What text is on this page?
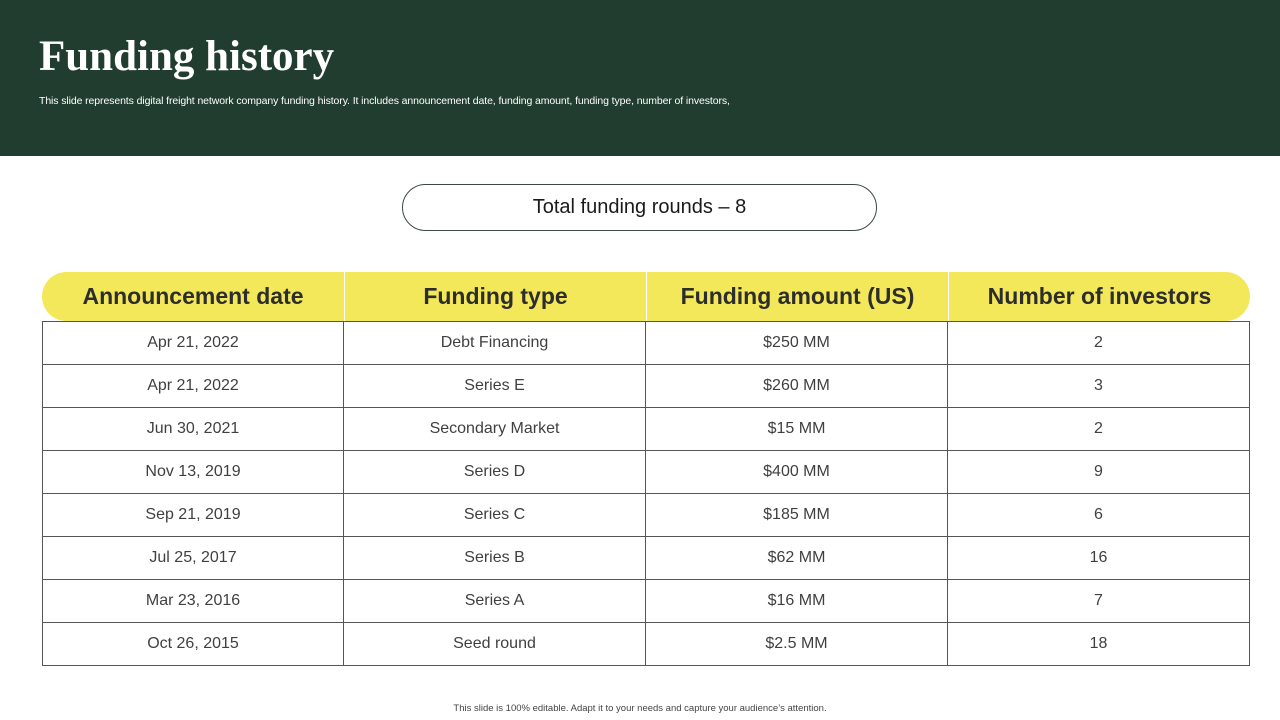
Funding history

This slide represents digital freight network company funding history. It includes announcement date, funding amount, funding type, number of investors,

Total funding rounds – 8
Announcement date	Funding type	Funding amount (US)	Number of investors
Apr 21, 2022	Debt Financing	$250 MM	2
Apr 21, 2022	Series E	$260 MM	3
Jun 30, 2021	Secondary Market	$15 MM	2
Nov 13, 2019	Series D	$400 MM	9
Sep 21, 2019	Series C	$185 MM	6
Jul 25, 2017	Series B	$62 MM	16
Mar 23, 2016	Series A	$16 MM	7
Oct 26, 2015	Seed round	$2.5 MM	18
This slide is 100% editable. Adapt it to your needs and capture your audience’s attention.
